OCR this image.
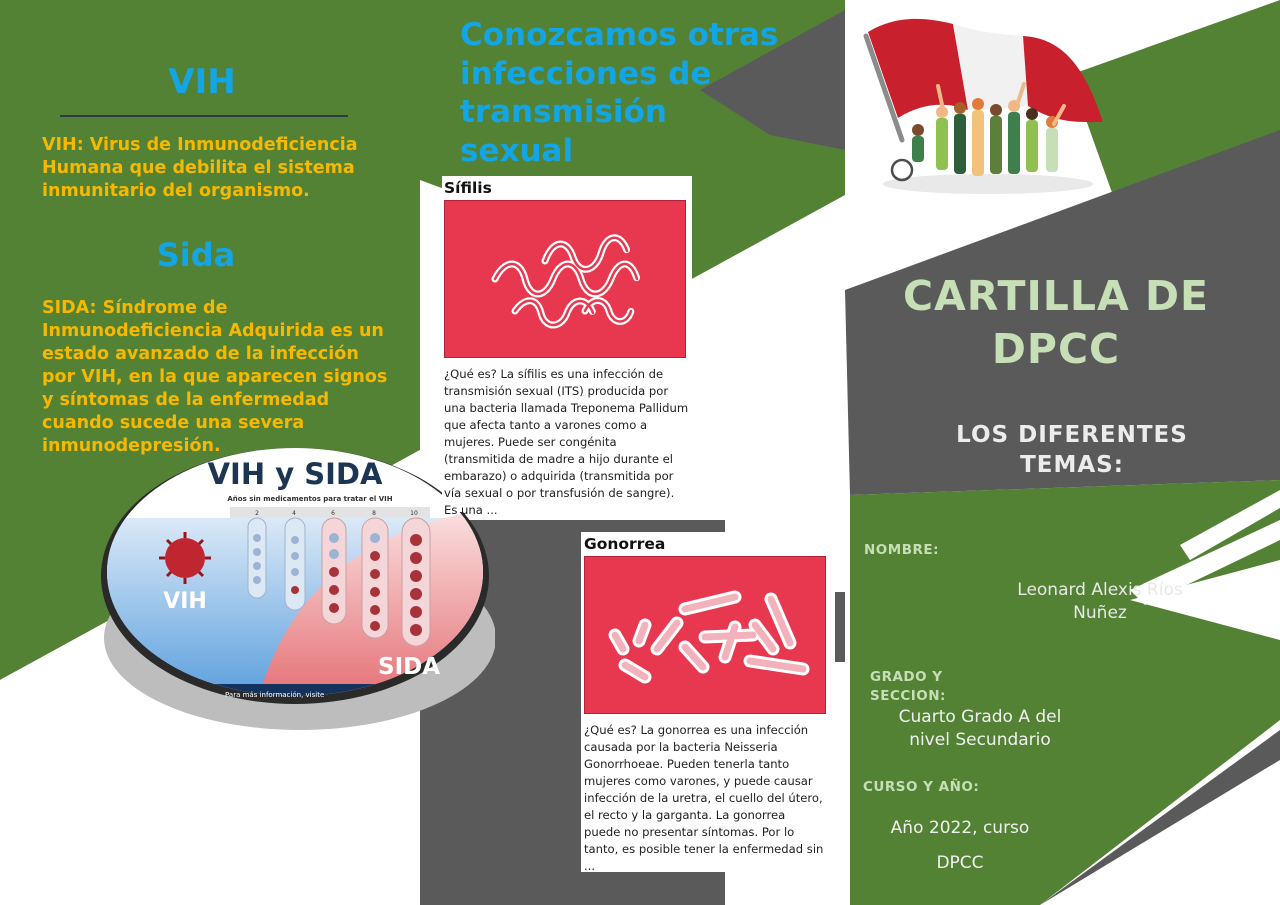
VIH
VIH: Virus de Inmunodeficiencia Humana que debilita el sistema inmunitario del organismo.
Sida
SIDA: Síndrome de Inmunodeficiencia Adquirida es un estado avanzado de la infección por VIH, en la que aparecen signos y síntomas de la enfermedad cuando sucede una severa inmunodepresión.
VIH y SIDA
Años sin medicamentos para tratar el VIH
2	4	6	8	10
VIH
SIDA
Para más información, visite
Conozcamos otras infecciones de transmisión sexual
Sífilis
¿Qué es? La sífilis es una infección de transmisión sexual (ITS) producida por una bacteria llamada Treponema Pallidum que afecta tanto a varones como a mujeres. Puede ser congénita (transmitida de madre a hijo durante el embarazo) o adquirida (transmitida por vía sexual o por transfusión de sangre). Es una ...
Gonorrea
¿Qué es? La gonorrea es una infección causada por la bacteria Neisseria Gonorrhoeae. Pueden tenerla tanto mujeres como varones, y puede causar infección de la uretra, el cuello del útero, el recto y la garganta. La gonorrea puede no presentar síntomas. Por lo tanto, es posible tener la enfermedad sin ...
CARTILLA DE DPCC
LOS DIFERENTES TEMAS:
NOMBRE:
Leonard Alexis Ríos Nuñez
GRADO Y SECCION:
Cuarto Grado A del nivel Secundario
CURSO Y AÑO:
Año 2022, curso DPCC
